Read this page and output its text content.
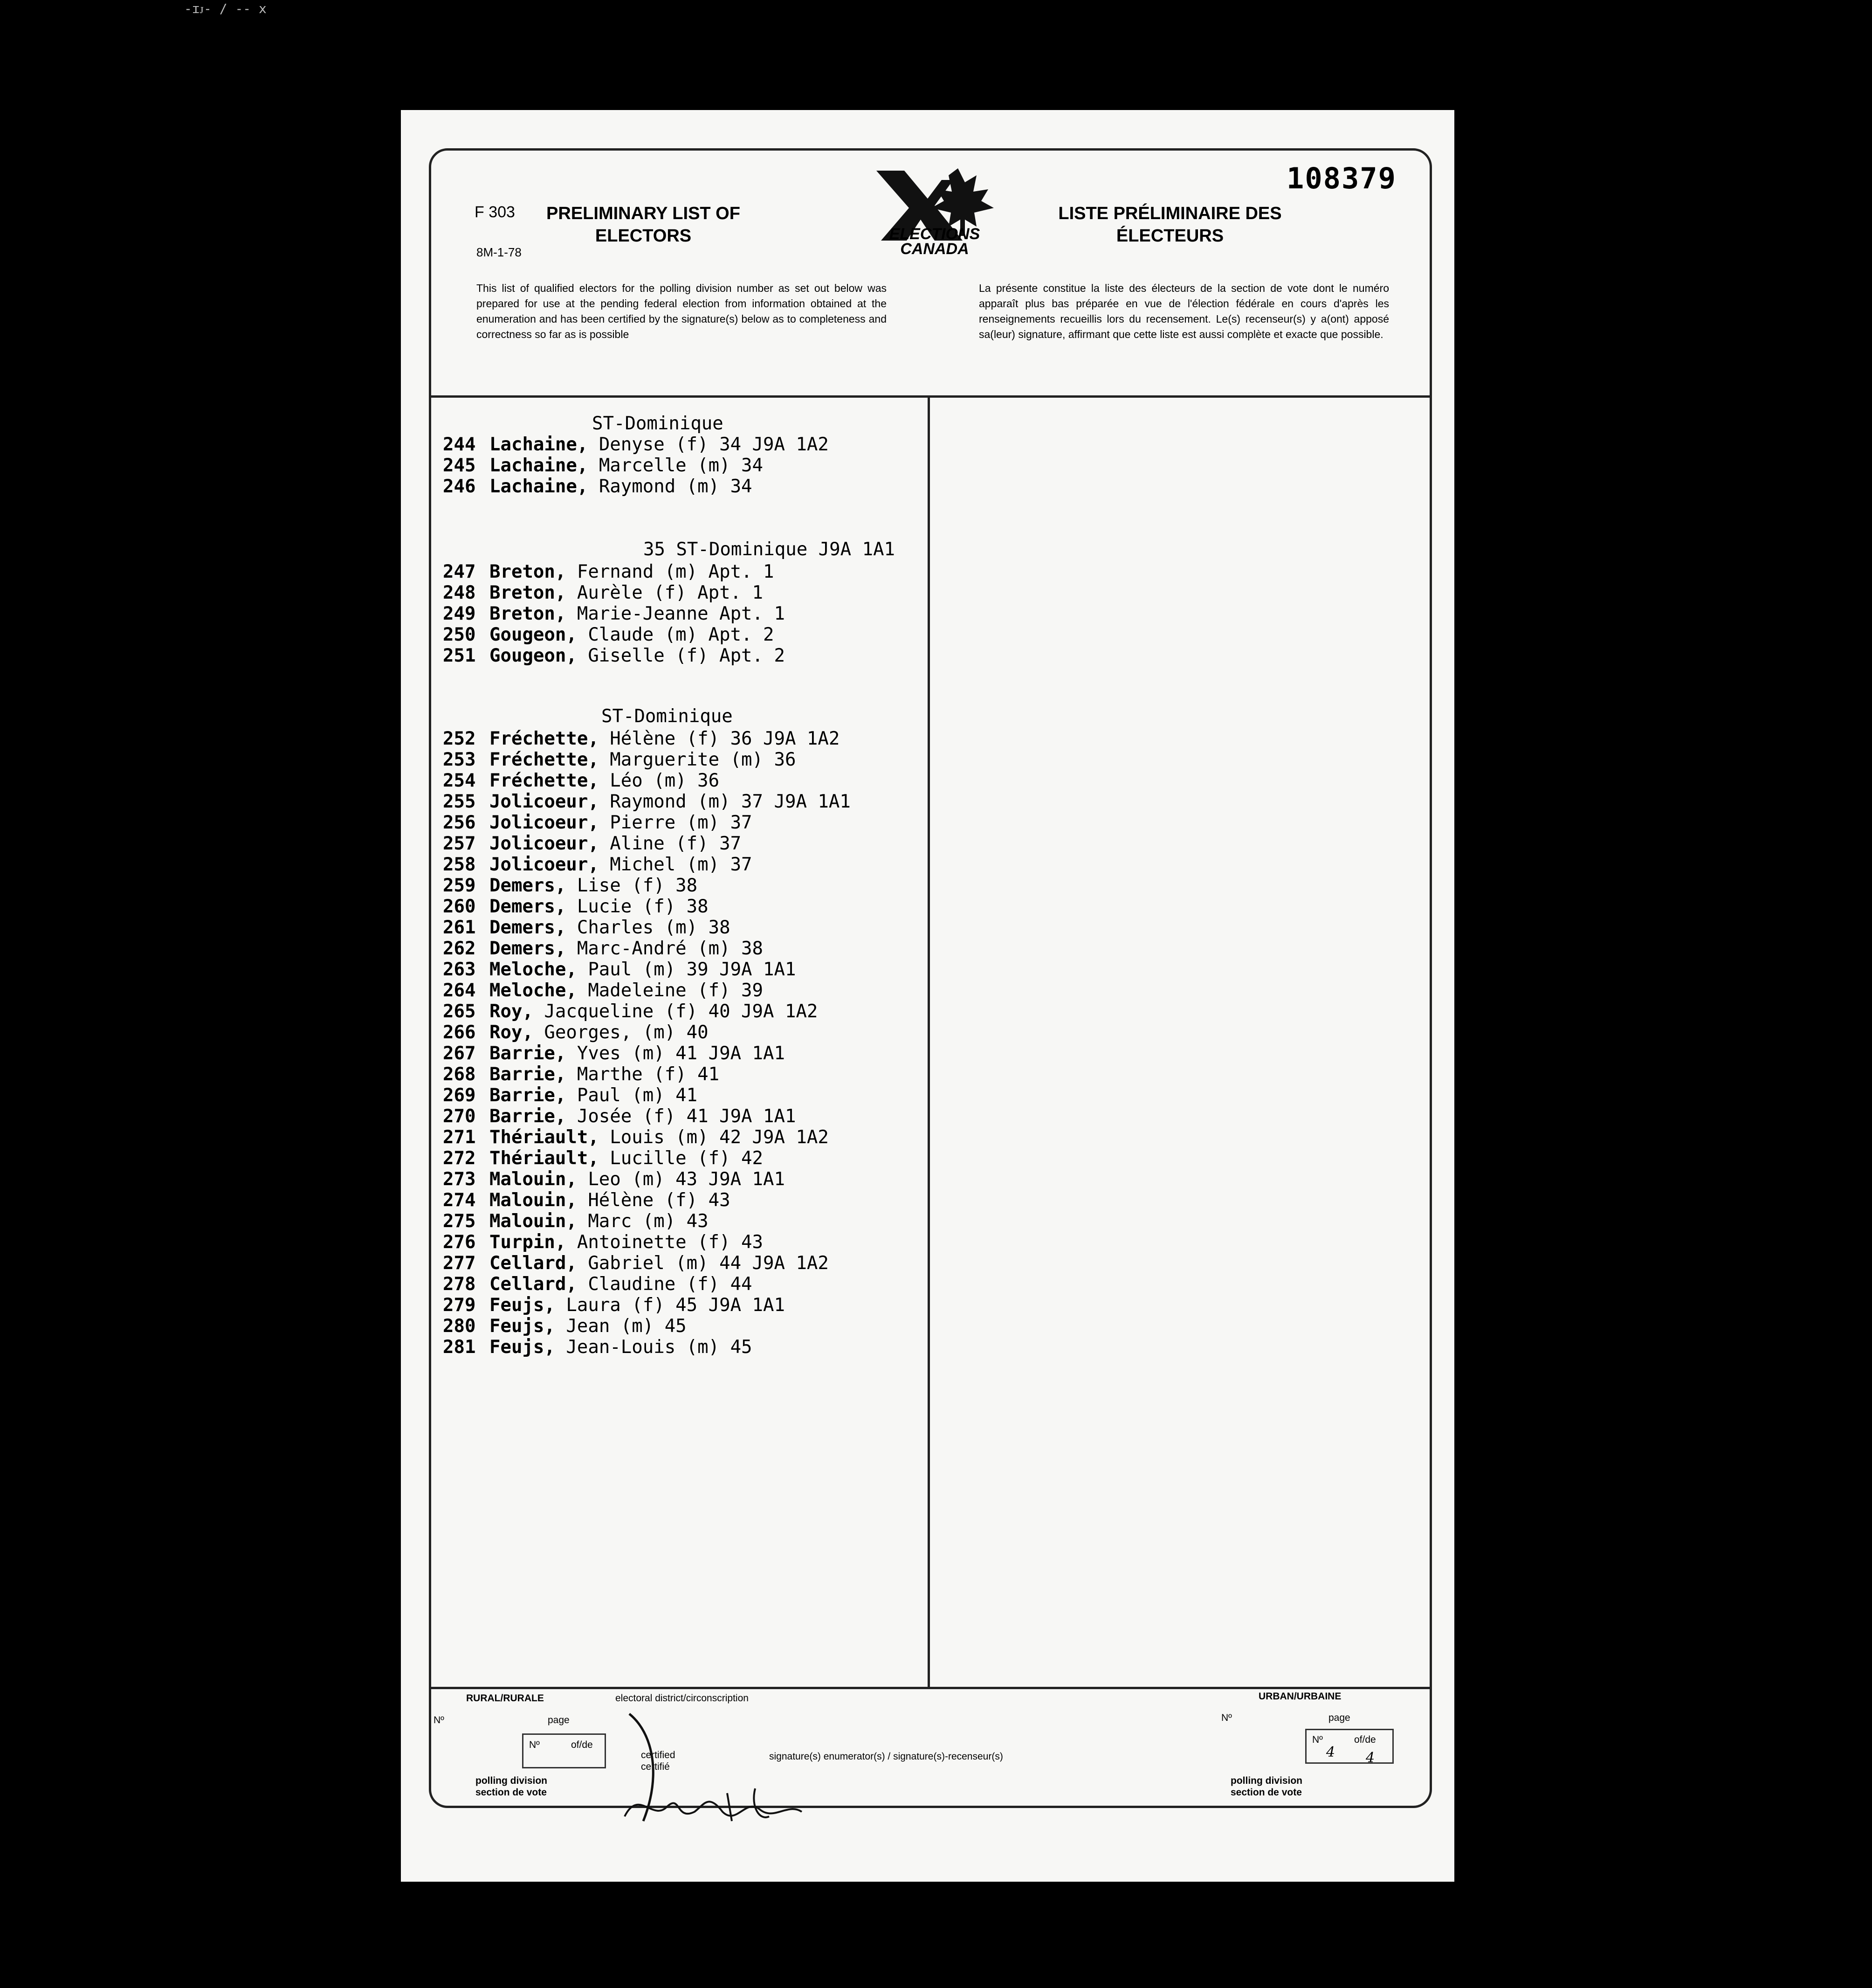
-ɪᴊ- / -- x
F 303
8M-1-78
PRELIMINARY LIST OF ELECTORS
LISTE PRÉLIMINAIRE DES ÉLECTEURS
108379
ELECTIONS CANADA
This list of qualified electors for the polling division number as set out below was prepared for use at the pending federal election from information obtained at the enumeration and has been certified by the signature(s) below as to completeness and correctness so far as is possible
La présente constitue la liste des électeurs de la section de vote dont le numéro apparaît plus bas préparée en vue de l'élection fédérale en cours d'après les renseignements recueillis lors du recensement. Le(s) recenseur(s) y a(ont) apposé sa(leur) signature, affirmant que cette liste est aussi complète et exacte que possible.
ST-Dominique
244 Lachaine, Denyse (f) 34 J9A 1A2
245 Lachaine, Marcelle (m) 34
246 Lachaine, Raymond (m) 34
35 ST-Dominique J9A 1A1
247 Breton, Fernand (m) Apt. 1
248 Breton, Aurèle (f) Apt. 1
249 Breton, Marie-Jeanne Apt. 1
250 Gougeon, Claude (m) Apt. 2
251 Gougeon, Giselle (f) Apt. 2
ST-Dominique
252 Fréchette, Hélène (f) 36 J9A 1A2
253 Fréchette, Marguerite (m) 36
254 Fréchette, Léo (m) 36
255 Jolicoeur, Raymond (m) 37 J9A 1A1
256 Jolicoeur, Pierre (m) 37
257 Jolicoeur, Aline (f) 37
258 Jolicoeur, Michel (m) 37
259 Demers, Lise (f) 38
260 Demers, Lucie (f) 38
261 Demers, Charles (m) 38
262 Demers, Marc-André (m) 38
263 Meloche, Paul (m) 39 J9A 1A1
264 Meloche, Madeleine (f) 39
265 Roy, Jacqueline (f) 40 J9A 1A2
266 Roy, Georges, (m) 40
267 Barrie, Yves (m) 41 J9A 1A1
268 Barrie, Marthe (f) 41
269 Barrie, Paul (m) 41
270 Barrie, Josée (f) 41 J9A 1A1
271 Thériault, Louis (m) 42 J9A 1A2
272 Thériault, Lucille (f) 42
273 Malouin, Leo (m) 43 J9A 1A1
274 Malouin, Hélène (f) 43
275 Malouin, Marc (m) 43
276 Turpin, Antoinette (f) 43
277 Cellard, Gabriel (m) 44 J9A 1A2
278 Cellard, Claudine (f) 44
279 Feujs, Laura (f) 45 J9A 1A1
280 Feujs, Jean (m) 45
281 Feujs, Jean-Louis (m) 45
RURAL/RURALE
Nº	page
Nº	of/de
polling division
section de vote
electoral district/circonscription
certified
certifié
signature(s) enumerator(s) / signature(s)-recenseur(s)
URBAN/URBAINE
Nº	page
Nº	of/de
4 4
polling division
section de vote
